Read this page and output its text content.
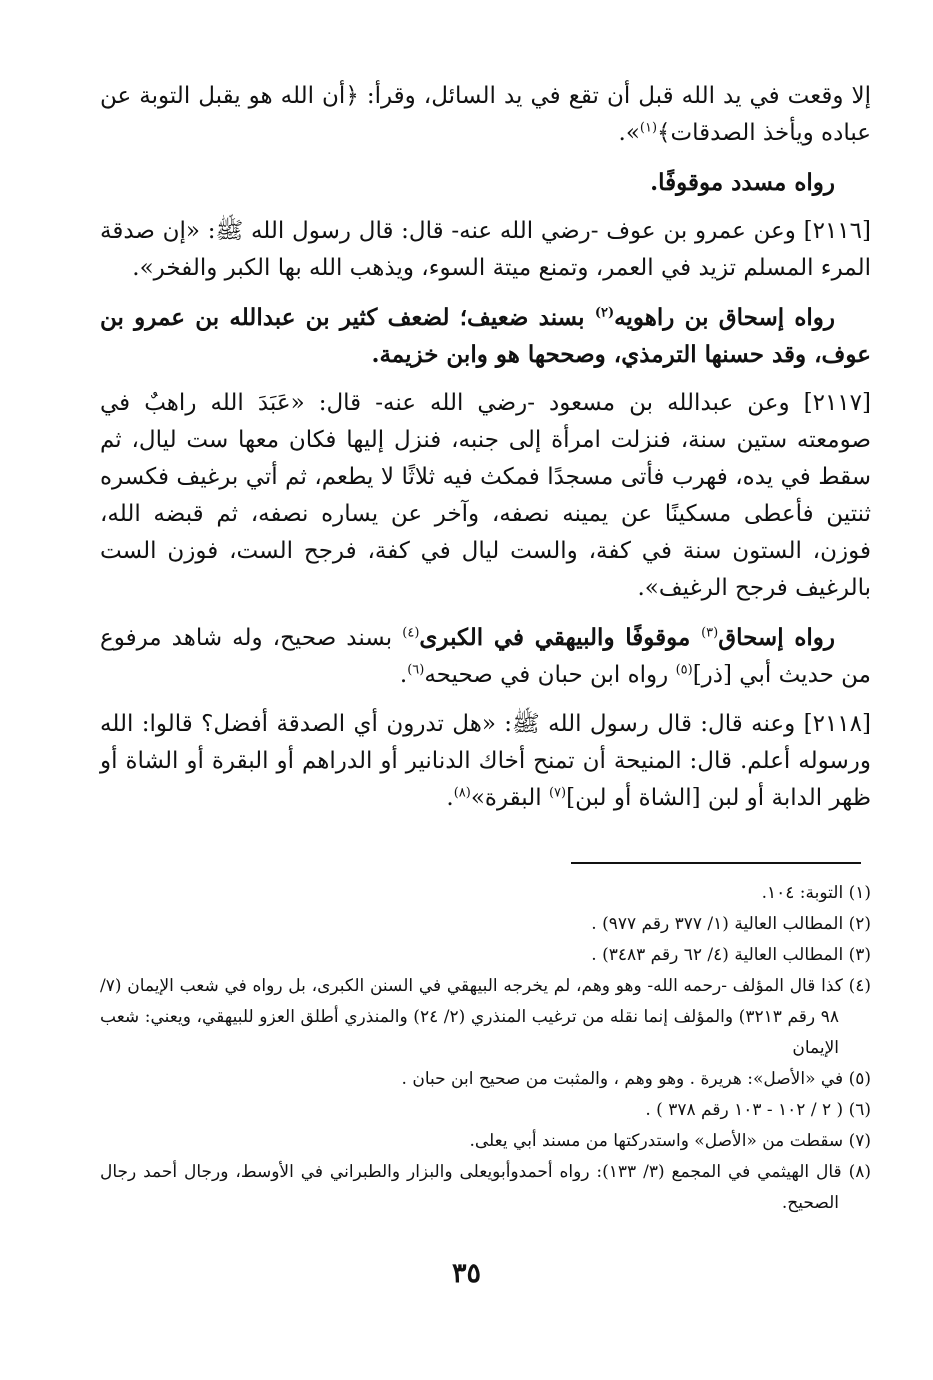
إلا وقعت في يد الله قبل أن تقع في يد السائل، وقرأ: ﴿أن الله هو يقبل التوبة عن عباده ويأخذ الصدقات﴾$^{(١)}$».

رواه مسدد موقوفًا.

[٢١١٦] وعن عمرو بن عوف -رضي الله عنه- قال: قال رسول الله ﷺ: «إن صدقة المرء المسلم تزيد في العمر، وتمنع ميتة السوء، ويذهب الله بها الكبر والفخر».

رواه إسحاق بن راهويه$^{(٢)}$ بسند ضعيف؛ لضعف كثير بن عبدالله بن عمرو بن عوف، وقد حسنها الترمذي، وصححها هو وابن خزيمة.

[٢١١٧] وعن عبدالله بن مسعود -رضي الله عنه- قال: «عَبَدَ الله راهبٌ في صومعته ستين سنة، فنزلت امرأة إلى جنبه، فنزل إليها فكان معها ست ليال، ثم سقط في يده، فهرب فأتى مسجدًا فمكث فيه ثلاثًا لا يطعم، ثم أتي برغيف فكسره ثنتين فأعطى مسكينًا عن يمينه نصفه، وآخر عن يساره نصفه، ثم قبضه الله، فوزن، الستون سنة في كفة، والست ليال في كفة، فرجح الست، فوزن الست بالرغيف فرجح الرغيف».

رواه إسحاق$^{(٣)}$ موقوفًا والبيهقي في الكبرى$^{(٤)}$ بسند صحيح، وله شاهد مرفوع من حديث أبي [ذر]$^{(٥)}$ رواه ابن حبان في صحيحه$^{(٦)}$.

[٢١١٨] وعنه قال: قال رسول الله ﷺ: «هل تدرون أي الصدقة أفضل؟ قالوا: الله ورسوله أعلم. قال: المنيحة أن تمنح أخاك الدنانير أو الدراهم أو البقرة أو الشاة أو ظهر الدابة أو لبن [الشاة أو لبن]$^{(٧)}$ البقرة»$^{(٨)}$.

(١) التوبة: ١٠٤.

(٢) المطالب العالية (١/ ٣٧٧ رقم ٩٧٧) .

(٣) المطالب العالية (٤/ ٦٢ رقم ٣٤٨٣) .

(٤) كذا قال المؤلف -رحمه الله- وهو وهم، لم يخرجه البيهقي في السنن الكبرى، بل رواه في شعب الإيمان (٧/ ٩٨ رقم ٣٢١٣) والمؤلف إنما نقله من ترغيب المنذري (٢/ ٢٤) والمنذري أطلق العزو للبيهقي، ويعني: شعب الإيمان

(٥) في «الأصل»: هريرة . وهو وهم ، والمثبت من صحيح ابن حبان .

(٦) ( ٢ / ١٠٢ - ١٠٣ رقم ٣٧٨ ) .

(٧) سقطت من «الأصل» واستدركتها من مسند أبي يعلى.

(٨) قال الهيثمي في المجمع (٣/ ١٣٣): رواه أحمدوأبويعلى والبزار والطبراني في الأوسط، ورجال أحمد رجال الصحيح.

٣٥
